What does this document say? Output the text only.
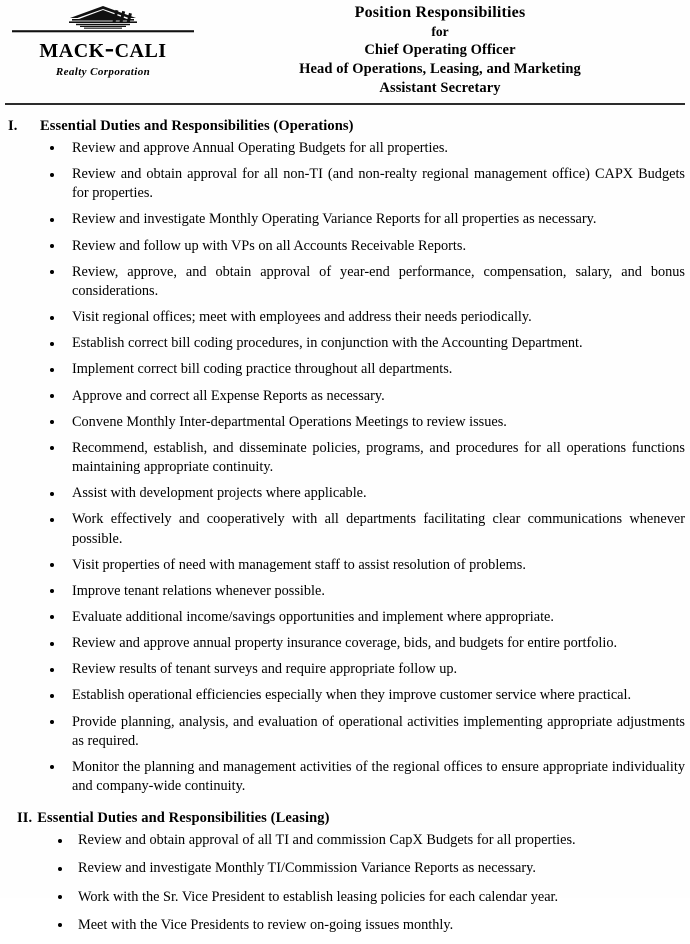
mack-cali
Realty Corporation
Position Responsibilities
for
Chief Operating Officer
Head of Operations, Leasing, and Marketing
Assistant Secretary
I.	Essential Duties and Responsibilities (Operations)
Review and approve Annual Operating Budgets for all properties.
Review and obtain approval for all non-TI (and non-realty regional management office) CAPX Budgets for properties.
Review and investigate Monthly Operating Variance Reports for all properties as necessary.
Review and follow up with VPs on all Accounts Receivable Reports.
Review, approve, and obtain approval of year-end performance, compensation, salary, and bonus considerations.
Visit regional offices; meet with employees and address their needs periodically.
Establish correct bill coding procedures, in conjunction with the Accounting Department.
Implement correct bill coding practice throughout all departments.
Approve and correct all Expense Reports as necessary.
Convene Monthly Inter-departmental Operations Meetings to review issues.
Recommend, establish, and disseminate policies, programs, and procedures for all operations functions maintaining appropriate continuity.
Assist with development projects where applicable.
Work effectively and cooperatively with all departments facilitating clear communications whenever possible.
Visit properties of need with management staff to assist resolution of problems.
Improve tenant relations whenever possible.
Evaluate additional income/savings opportunities and implement where appropriate.
Review and approve annual property insurance coverage, bids, and budgets for entire portfolio.
Review results of tenant surveys and require appropriate follow up.
Establish operational efficiencies especially when they improve customer service where practical.
Provide planning, analysis, and evaluation of operational activities implementing appropriate adjustments as required.
Monitor the planning and management activities of the regional offices to ensure appropriate individuality and company-wide continuity.
II. Essential Duties and Responsibilities (Leasing)
Review and obtain approval of all TI and commission CapX Budgets for all properties.
Review and investigate Monthly TI/Commission Variance Reports as necessary.
Work with the Sr. Vice President to establish leasing policies for each calendar year.
Meet with the Vice Presidents to review on-going issues monthly.
